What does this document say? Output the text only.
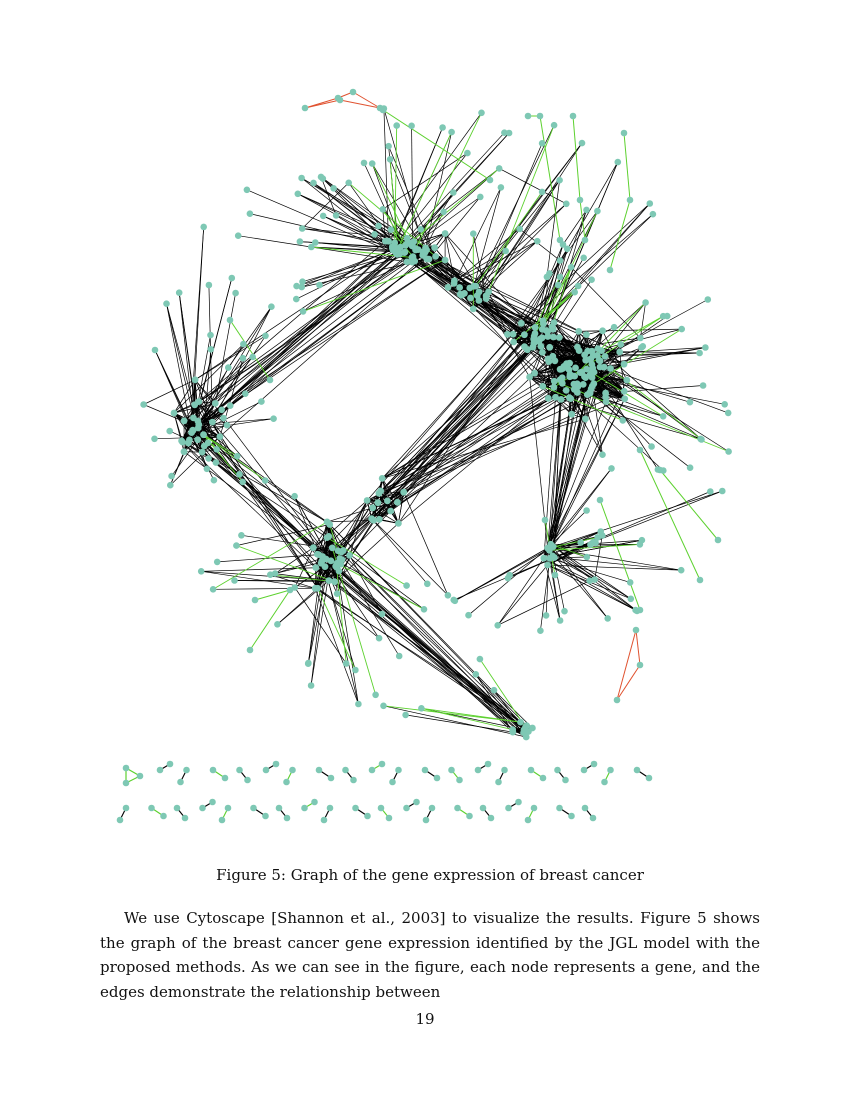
Figure 5: Graph of the gene expression of breast cancer

We use Cytoscape [Shannon et al., 2003] to visualize the results. Figure 5 shows the graph of the breast cancer gene expression identified by the JGL model with the proposed methods. As we can see in the figure, each node represents a gene, and the edges demonstrate the relationship between

19
